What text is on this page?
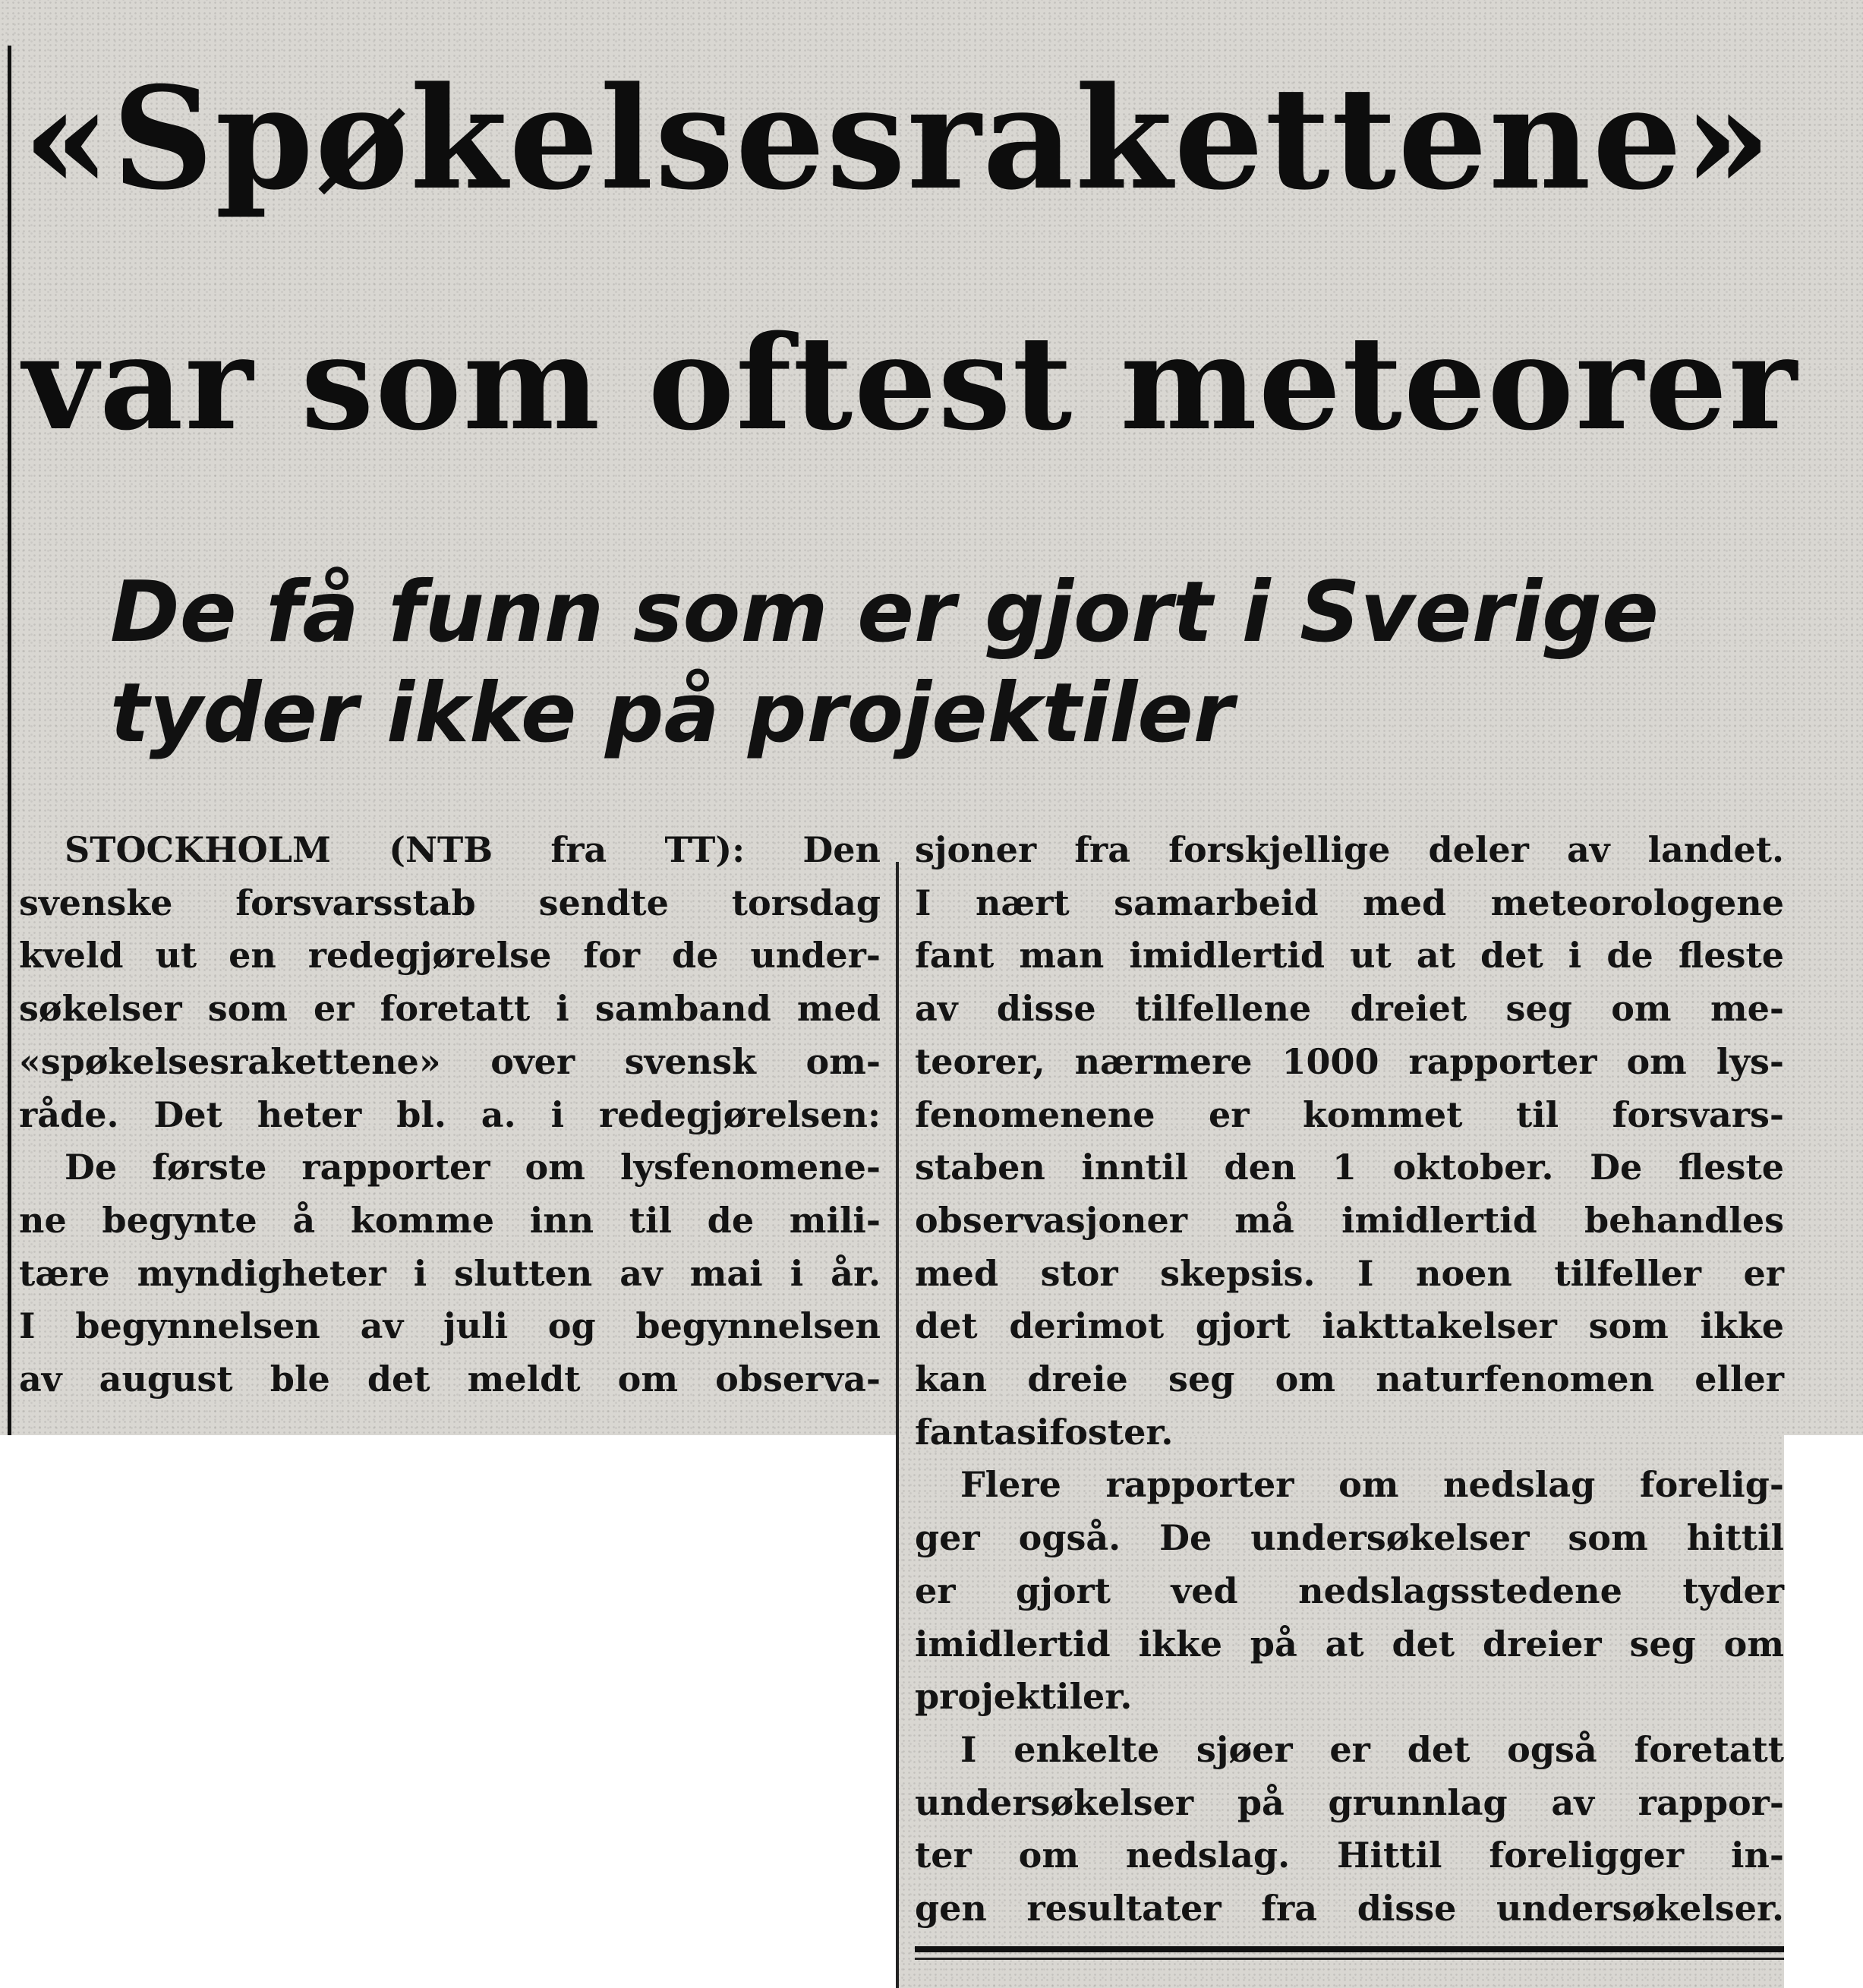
«Spøkelsesrakettene»
var som oftest meteorer
De få funn som er gjort i Sverige
tyder ikke på projektiler
STOCKHOLM (NTB fra TT): Den
svenske forsvarsstab sendte torsdag
kveld ut en redegjørelse for de under-
søkelser som er foretatt i samband med
«spøkelsesrakettene» over svensk om-
råde. Det heter bl. a. i redegjørelsen:
De første rapporter om lysfenomene-
ne begynte å komme inn til de mili-
tære myndigheter i slutten av mai i år.
I begynnelsen av juli og begynnelsen
av august ble det meldt om observa-
sjoner fra forskjellige deler av landet.
I nært samarbeid med meteorologene
fant man imidlertid ut at det i de fleste
av disse tilfellene dreiet seg om me-
teorer, nærmere 1000 rapporter om lys-
fenomenene er kommet til forsvars-
staben inntil den 1 oktober. De fleste
observasjoner må imidlertid behandles
med stor skepsis. I noen tilfeller er
det derimot gjort iakttakelser som ikke
kan dreie seg om naturfenomen eller
fantasifoster.
Flere rapporter om nedslag forelig-
ger også. De undersøkelser som hittil
er gjort ved nedslagsstedene tyder
imidlertid ikke på at det dreier seg om
projektiler.
I enkelte sjøer er det også foretatt
undersøkelser på grunnlag av rappor-
ter om nedslag. Hittil foreligger in-
gen resultater fra disse undersøkelser.
